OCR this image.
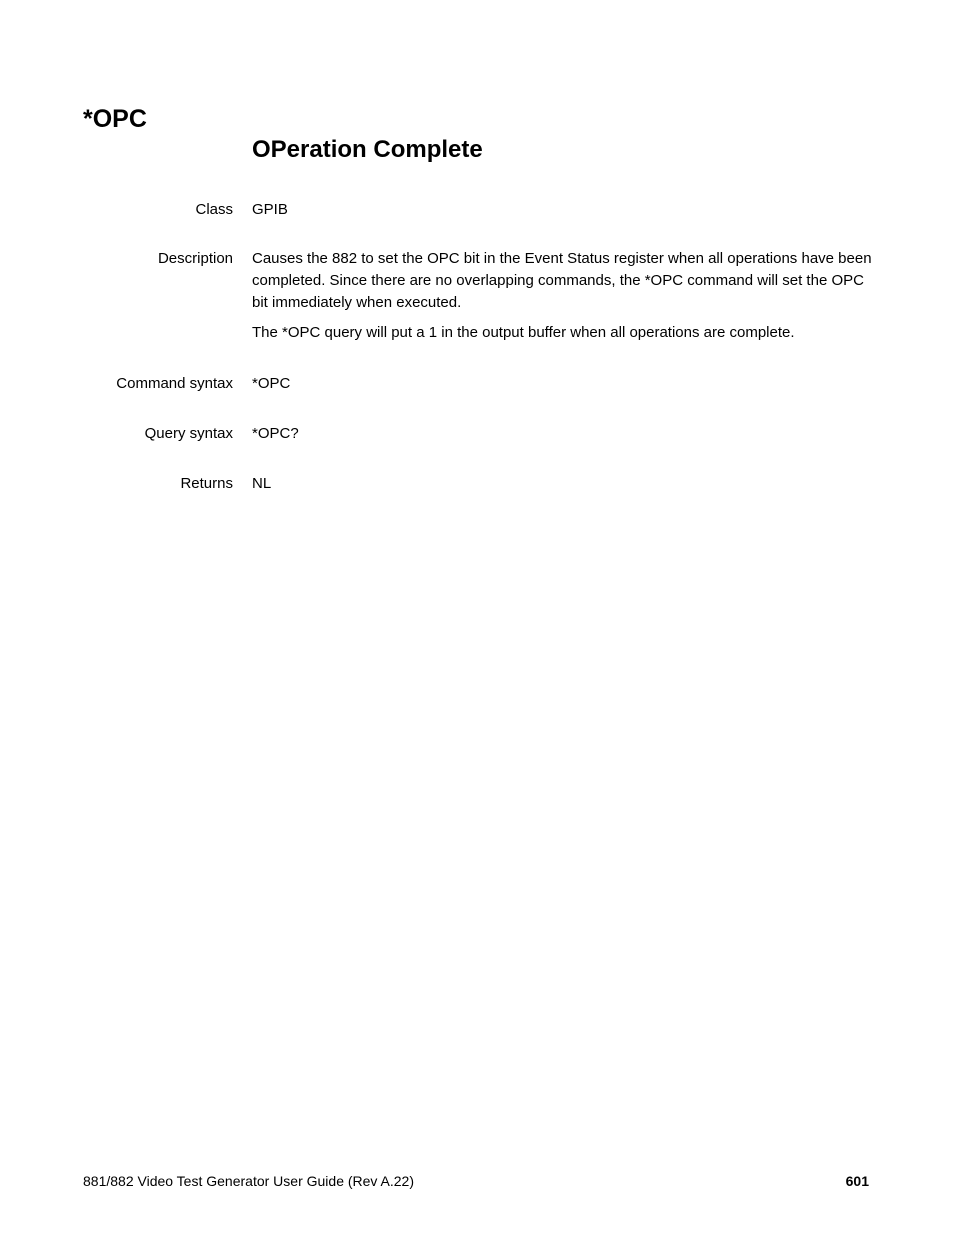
*OPC
OPeration Complete
Class GPIB
Description Causes the 882 to set the OPC bit in the Event Status register when all operations have been completed. Since there are no overlapping commands, the *OPC command will set the OPC bit immediately when executed.

The *OPC query will put a 1 in the output buffer when all operations are complete.

Command syntax *OPC
Query syntax *OPC?
Returns NL
881/882 Video Test Generator User Guide (Rev A.22)	601
